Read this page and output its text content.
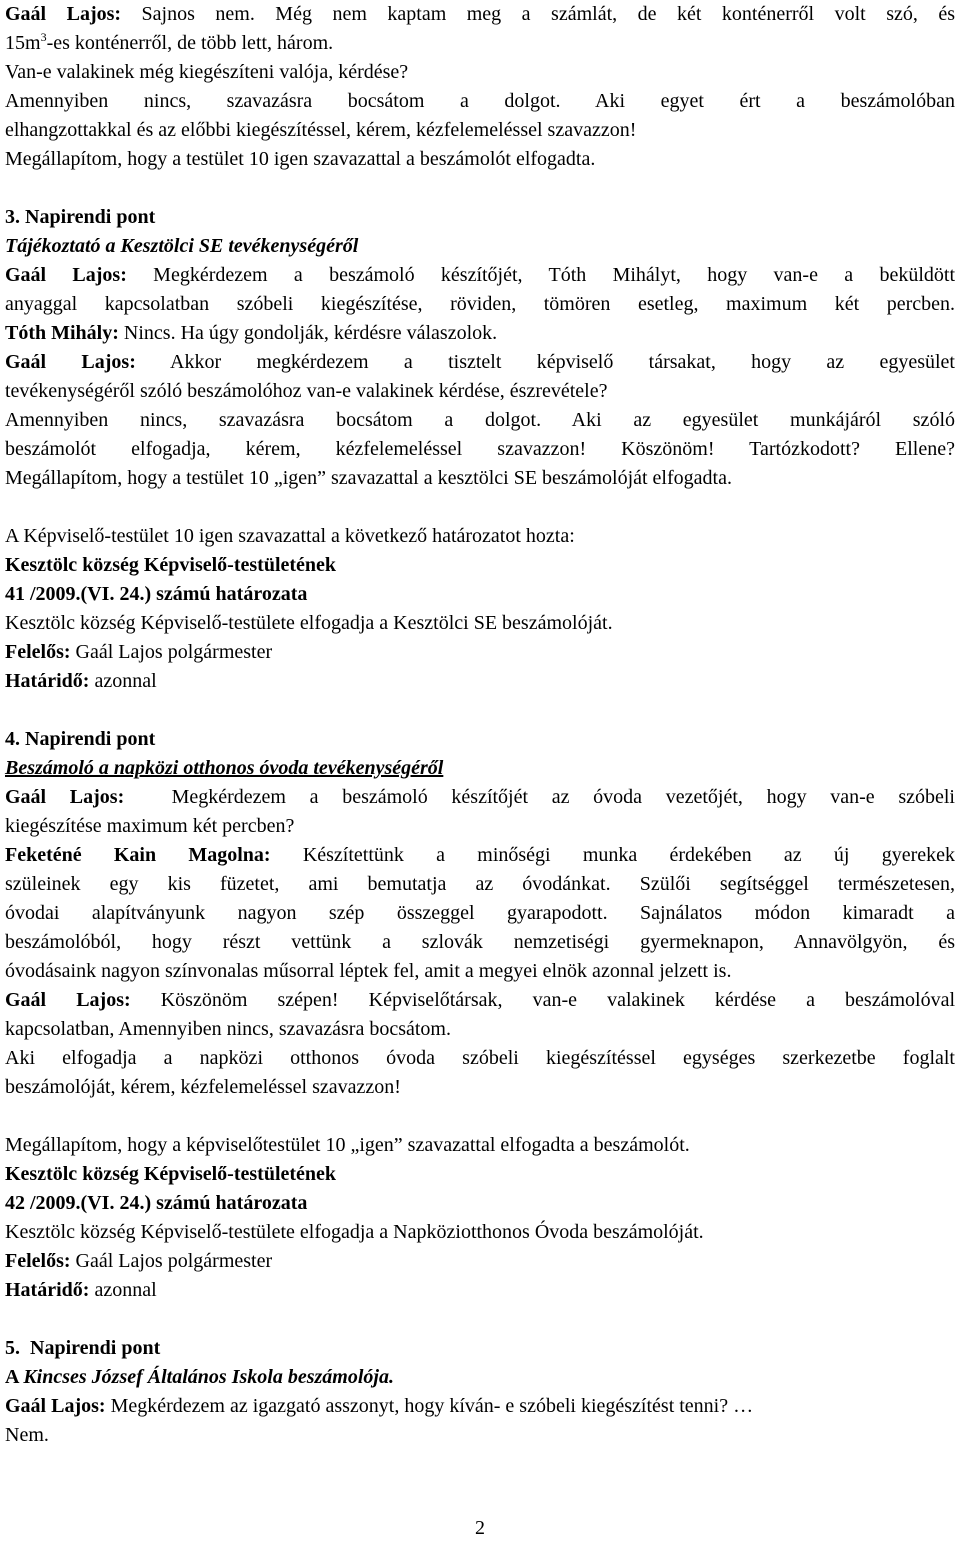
Gaál Lajos: Sajnos nem. Még nem kaptam meg a számlát, de két konténerről volt szó, és
$15m^3-es$ konténerről, de több lett, három.
Van-e valakinek még kiegészíteni valója, kérdése?
Amennyiben nincs, szavazásra bocsátom a dolgot. Aki egyet ért a beszámolóban
elhangzottakkal és az előbbi kiegészítéssel, kérem, kézfelemeléssel szavazzon!
Megállapítom, hogy a testület 10 igen szavazattal a beszámolót elfogadta.
3. Napirendi pont
Tájékoztató a Kesztölci SE tevékenységéről
Gaál Lajos: Megkérdezem a beszámoló készítőjét, Tóth Mihályt, hogy van-e a beküldött
anyaggal kapcsolatban szóbeli kiegészítése, röviden, tömören esetleg, maximum két percben.
Tóth Mihály: Nincs. Ha úgy gondolják, kérdésre válaszolok.
Gaál Lajos: Akkor megkérdezem a tisztelt képviselő társakat, hogy az egyesület
tevékenységéről szóló beszámolóhoz van-e valakinek kérdése, észrevétele?
Amennyiben nincs, szavazásra bocsátom a dolgot. Aki az egyesület munkájáról szóló
beszámolót elfogadja, kérem, kézfelemeléssel szavazzon! Köszönöm! Tartózkodott? Ellene?
Megállapítom, hogy a testület 10 „igen” szavazattal a kesztölci SE beszámolóját elfogadta.
A Képviselő-testület 10 igen szavazattal a következő határozatot hozta:
Kesztölc község Képviselő-testületének
41 /2009.(VI. 24.) számú határozata
Kesztölc község Képviselő-testülete elfogadja a Kesztölci SE beszámolóját.
Felelős: Gaál Lajos polgármester
Határidő: azonnal
4. Napirendi pont
Beszámoló a napközi otthonos óvoda tevékenységéről
Gaál Lajos:  Megkérdezem a beszámoló készítőjét az óvoda vezetőjét, hogy van-e szóbeli
kiegészítése maximum két percben?
Feketéné Kain Magolna: Készítettünk a minőségi munka érdekében az új gyerekek
szüleinek egy kis füzetet, ami bemutatja az óvodánkat. Szülői segítséggel természetesen,
óvodai alapítványunk nagyon szép összeggel gyarapodott. Sajnálatos módon kimaradt a
beszámolóból, hogy részt vettünk a szlovák nemzetiségi gyermeknapon, Annavölgyön, és
óvodásaink nagyon színvonalas műsorral léptek fel, amit a megyei elnök azonnal jelzett is.
Gaál Lajos: Köszönöm szépen! Képviselőtársak, van-e valakinek kérdése a beszámolóval
kapcsolatban, Amennyiben nincs, szavazásra bocsátom.
Aki elfogadja a napközi otthonos óvoda szóbeli kiegészítéssel egységes szerkezetbe foglalt
beszámolóját, kérem, kézfelemeléssel szavazzon!
Megállapítom, hogy a képviselőtestület 10 „igen” szavazattal elfogadta a beszámolót.
Kesztölc község Képviselő-testületének
42 /2009.(VI. 24.) számú határozata
Kesztölc község Képviselő-testülete elfogadja a Napköziotthonos Óvoda beszámolóját.
Felelős: Gaál Lajos polgármester
Határidő: azonnal
5.  Napirendi pont
A Kincses József Általános Iskola beszámolója.
Gaál Lajos: Megkérdezem az igazgató asszonyt, hogy kíván- e szóbeli kiegészítést tenni? …
Nem.
2
